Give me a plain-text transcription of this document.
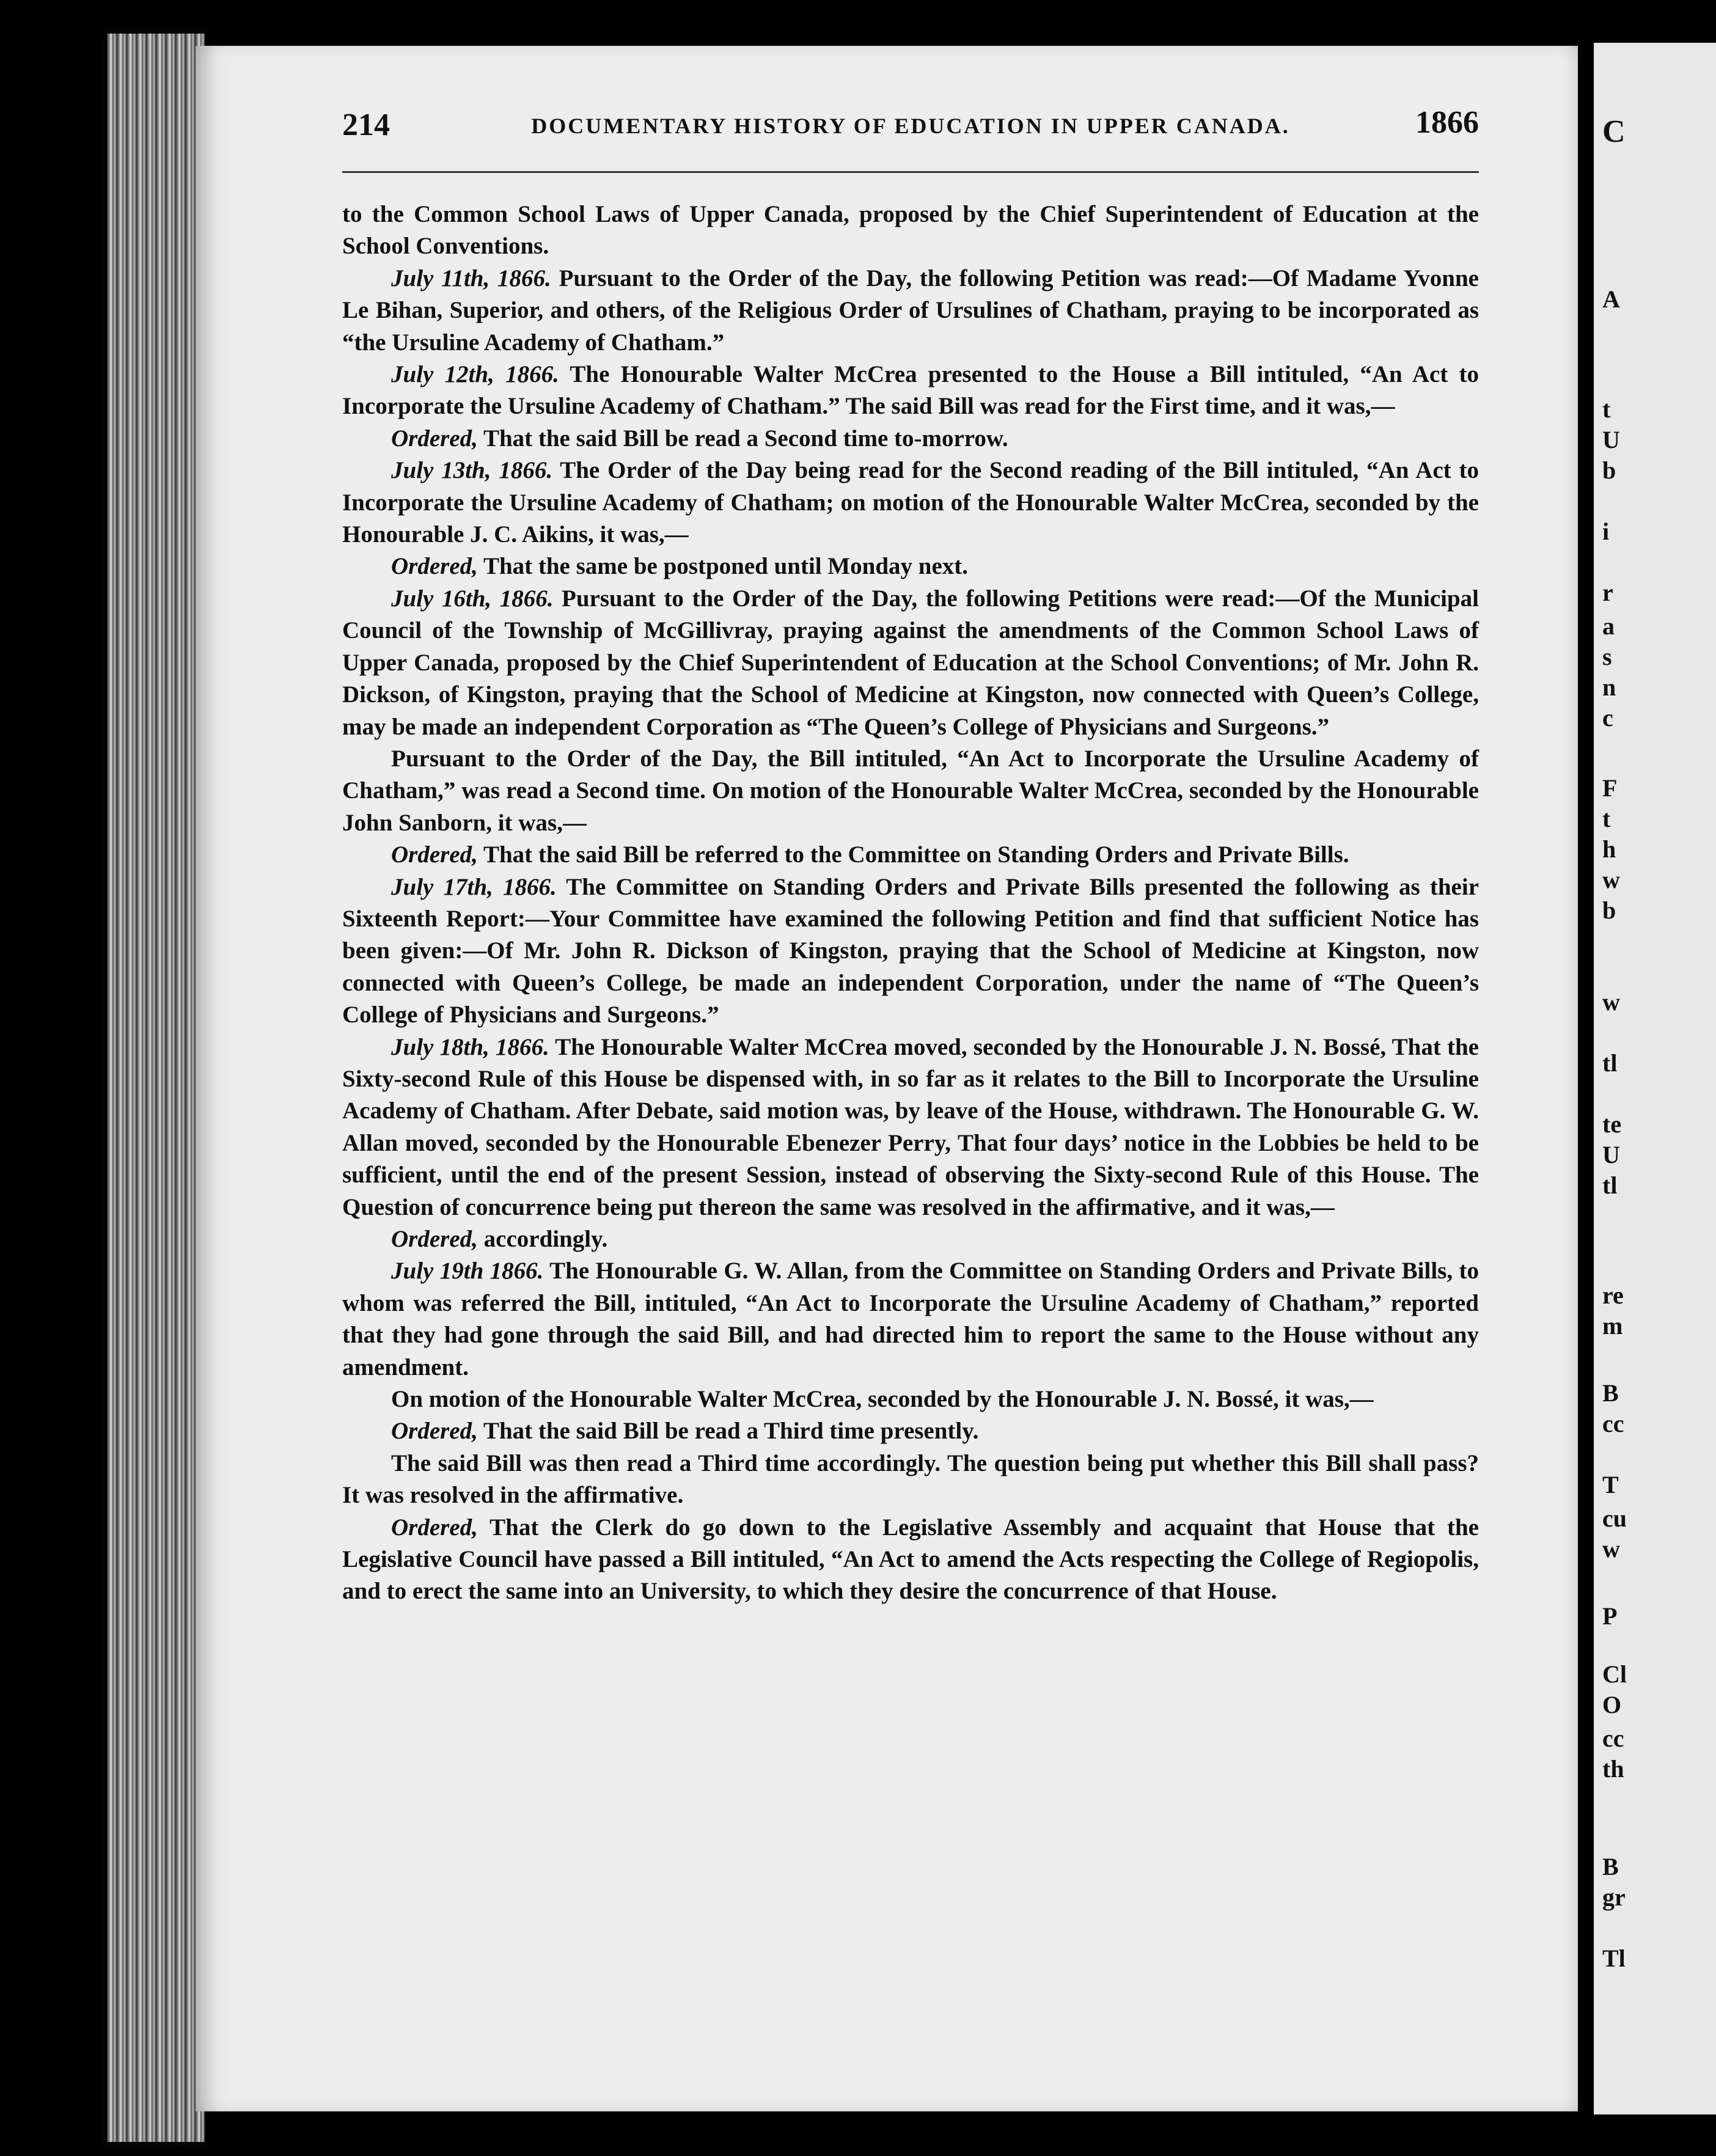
214	DOCUMENTARY HISTORY OF EDUCATION IN UPPER CANADA.	1866

to the Common School Laws of Upper Canada, proposed by the Chief Superintendent of Education at the School Conventions.

July 11th, 1866. Pursuant to the Order of the Day, the following Petition was read:—Of Madame Yvonne Le Bihan, Superior, and others, of the Religious Order of Ursulines of Chatham, praying to be incorporated as “the Ursuline Academy of Chatham.”

July 12th, 1866. The Honourable Walter McCrea presented to the House a Bill intituled, “An Act to Incorporate the Ursuline Academy of Chatham.” The said Bill was read for the First time, and it was,—

Ordered, That the said Bill be read a Second time to-morrow.

July 13th, 1866. The Order of the Day being read for the Second reading of the Bill intituled, “An Act to Incorporate the Ursuline Academy of Chatham; on motion of the Honourable Walter McCrea, seconded by the Honourable J. C. Aikins, it was,—

Ordered, That the same be postponed until Monday next.

July 16th, 1866. Pursuant to the Order of the Day, the following Petitions were read:—Of the Municipal Council of the Township of McGillivray, praying against the amendments of the Common School Laws of Upper Canada, proposed by the Chief Superintendent of Education at the School Conventions; of Mr. John R. Dickson, of Kingston, praying that the School of Medicine at Kingston, now connected with Queen’s College, may be made an independent Corporation as “The Queen’s College of Physicians and Surgeons.”

Pursuant to the Order of the Day, the Bill intituled, “An Act to Incorporate the Ursuline Academy of Chatham,” was read a Second time. On motion of the Honourable Walter McCrea, seconded by the Honourable John Sanborn, it was,—

Ordered, That the said Bill be referred to the Committee on Standing Orders and Private Bills.

July 17th, 1866. The Committee on Standing Orders and Private Bills presented the following as their Sixteenth Report:—Your Committee have examined the following Petition and find that sufficient Notice has been given:—Of Mr. John R. Dickson of Kingston, praying that the School of Medicine at Kingston, now connected with Queen’s College, be made an independent Corporation, under the name of “The Queen’s College of Physicians and Surgeons.”

July 18th, 1866. The Honourable Walter McCrea moved, seconded by the Honourable J. N. Bossé, That the Sixty-second Rule of this House be dispensed with, in so far as it relates to the Bill to Incorporate the Ursuline Academy of Chatham. After Debate, said motion was, by leave of the House, withdrawn. The Honourable G. W. Allan moved, seconded by the Honourable Ebenezer Perry, That four days’ notice in the Lobbies be held to be sufficient, until the end of the present Session, instead of observing the Sixty-second Rule of this House. The Question of concurrence being put thereon the same was resolved in the affirmative, and it was,—

Ordered, accordingly.

July 19th 1866. The Honourable G. W. Allan, from the Committee on Standing Orders and Private Bills, to whom was referred the Bill, intituled, “An Act to Incorporate the Ursuline Academy of Chatham,” reported that they had gone through the said Bill, and had directed him to report the same to the House without any amendment.

On motion of the Honourable Walter McCrea, seconded by the Honourable J. N. Bossé, it was,—

Ordered, That the said Bill be read a Third time presently.

The said Bill was then read a Third time accordingly. The question being put whether this Bill shall pass? It was resolved in the affirmative.

Ordered, That the Clerk do go down to the Legislative Assembly and acquaint that House that the Legislative Council have passed a Bill intituled, “An Act to amend the Acts respecting the College of Regiopolis, and to erect the same into an University, to which they desire the concurrence of that House.

C
A
t
U
b
i
r
a
s
n
c
F
t
h
w
b
w
tl
te
U
tl
re
m
B
cc
T
cu
w
P
Cl
O
cc
th
B
gr
Tl
